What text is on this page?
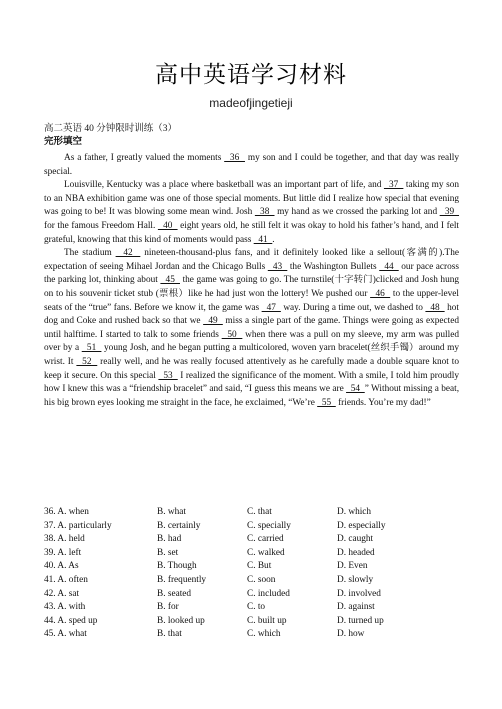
高中英语学习材料
madeofjingetieji
高二英语 40 分钟限时训练（3）
完形填空

As a father, I greatly valued the moments   36   my son and I could be together, and that day was really special.

Louisville, Kentucky was a place where basketball was an important part of life, and   37   taking my son to an NBA exhibition game was one of those special moments. But little did I realize how special that evening was going to be! It was blowing some mean wind. Josh   38   my hand as we crossed the parking lot and   39   for the famous Freedom Hall.   40   eight years old, he still felt it was okay to hold his father’s hand, and I felt grateful, knowing that this kind of moments would pass   41  .

The stadium   42   nineteen-thousand-plus fans, and it definitely looked like a sellout(客满的).The expectation of seeing Mihael Jordan and the Chicago Bulls   43   the Washington Bullets   44   our pace across the parking lot, thinking about   45   the game was going to go. The turnstile(十字转门)clicked and Josh hung on to his souvenir ticket stub (票根）like he had just won the lottery! We pushed our   46   to the upper-level seats of the “true” fans. Before we know it, the game was   47   way. During a time out, we dashed to   48   hot dog and Coke and rushed back so that we   49   miss a single part of the game. Things were going as expected until halftime. I started to talk to some friends   50   when there was a pull on my sleeve, my arm was pulled over by a   51   young Josh, and he began putting a multicolored, woven yarn bracelet(丝织手镯）around my wrist. It   52   really well, and he was really focused attentively as he carefully made a double square knot to keep it secure. On this special   53   I realized the significance of the moment. With a smile, I told him proudly how I knew this was a “friendship bracelet” and said, “I guess this means we are   54  ” Without missing a beat, his big brown eyes looking me straight in the face, he exclaimed, “We’re   55   friends. You’re my dad!”

36. A. when	B. what	C. that	D. which
37. A. particularly	B. certainly	C. specially	D. especially
38. A. held	B. had	C. carried	D. caught
39. A. left	B. set	C. walked	D. headed
40. A. As	B. Though	C. But	D. Even
41. A. often	B. frequently	C. soon	D. slowly
42. A. sat	B. seated	C. included	D. involved
43. A. with	B. for	C. to	D. against
44. A. sped up	B. looked up	C. built up	D. turned up
45. A. what	B. that	C. which	D. how
